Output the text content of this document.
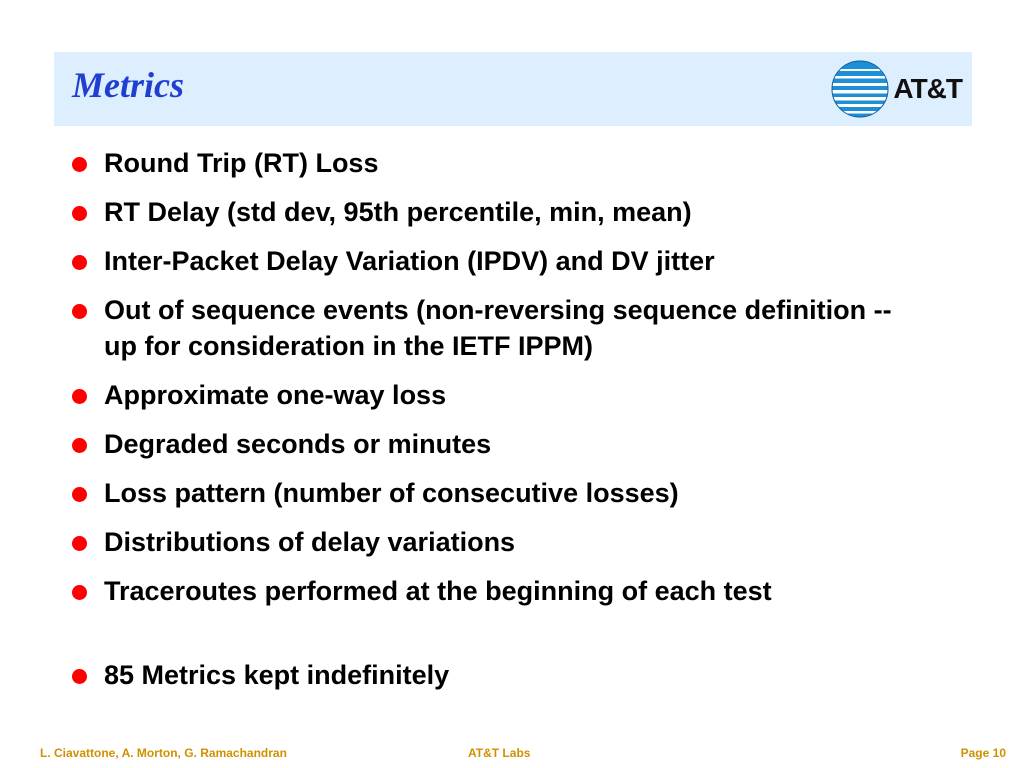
Metrics	AT&T
Round Trip (RT) Loss
RT Delay (std dev, 95th percentile, min, mean)
Inter-Packet Delay Variation (IPDV) and DV jitter
Out of sequence events (non-reversing sequence definition -- up for consideration in the IETF IPPM)
Approximate one-way loss
Degraded seconds or minutes
Loss pattern (number of consecutive losses)
Distributions of delay variations
Traceroutes performed at the beginning of each test
85 Metrics kept indefinitely
L. Ciavattone, A. Morton, G. Ramachandran	AT&T Labs	Page 10
